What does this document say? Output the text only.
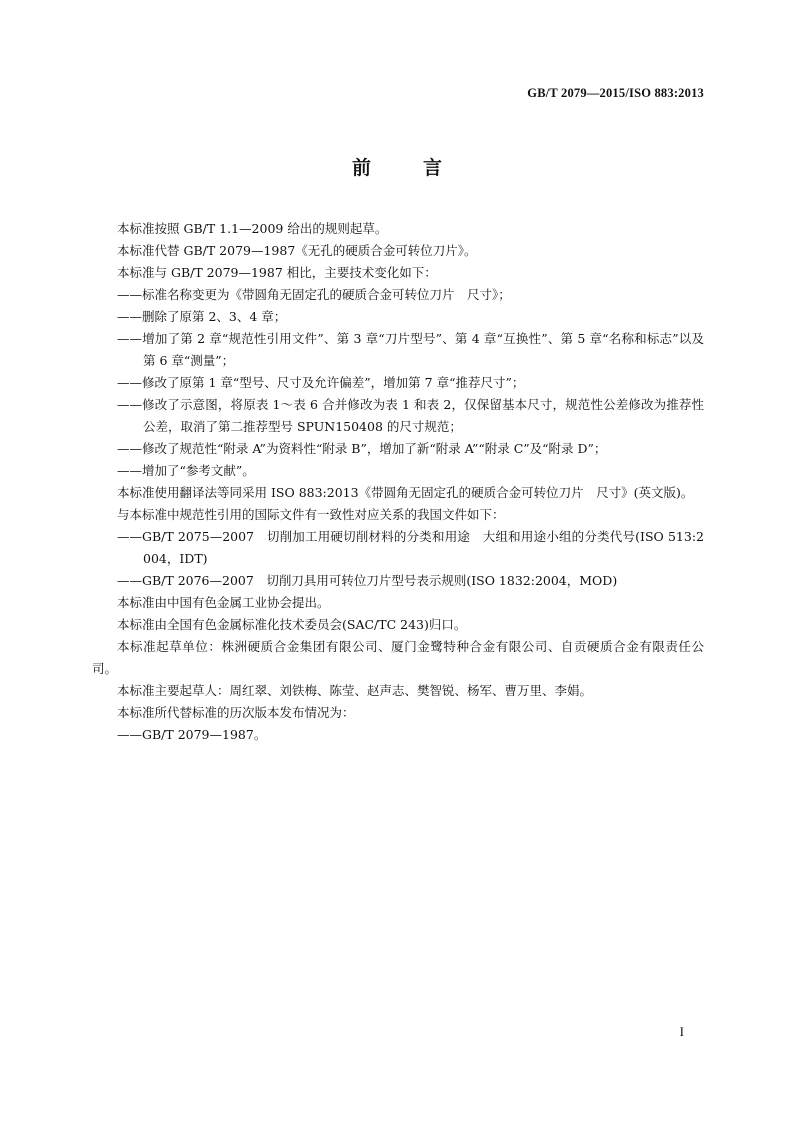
GB/T 2079—2015/ISO 883:2013
前	言
本标准按照 GB/T 1.1—2009 给出的规则起草。
本标准代替 GB/T 2079—1987《无孔的硬质合金可转位刀片》。
本标准与 GB/T 2079—1987 相比，主要技术变化如下：
——标准名称变更为《带圆角无固定孔的硬质合金可转位刀片　尺寸》；
——删除了原第 2、3、4 章；
——增加了第 2 章“规范性引用文件”、第 3 章“刀片型号”、第 4 章“互换性”、第 5 章“名称和标志”以及第 6 章“测量”；
——修改了原第 1 章“型号、尺寸及允许偏差”，增加第 7 章“推荐尺寸”；
——修改了示意图，将原表 1～表 6 合并修改为表 1 和表 2，仅保留基本尺寸，规范性公差修改为推荐性公差，取消了第二推荐型号 SPUN150408 的尺寸规范；
——修改了规范性“附录 A”为资料性“附录 B”，增加了新“附录 A”“附录 C”及“附录 D”；
——增加了“参考文献”。
本标准使用翻译法等同采用 ISO 883:2013《带圆角无固定孔的硬质合金可转位刀片　尺寸》(英文版)。
与本标准中规范性引用的国际文件有一致性对应关系的我国文件如下：
——GB/T 2075—2007　切削加工用硬切削材料的分类和用途　大组和用途小组的分类代号(ISO 513:2004，IDT)
——GB/T 2076—2007　切削刀具用可转位刀片型号表示规则(ISO 1832:2004，MOD)
本标准由中国有色金属工业协会提出。
本标准由全国有色金属标准化技术委员会(SAC/TC 243)归口。
本标准起草单位：株洲硬质合金集团有限公司、厦门金鹭特种合金有限公司、自贡硬质合金有限责任公司。
本标准主要起草人：周红翠、刘铁梅、陈莹、赵声志、樊智锐、杨军、曹万里、李娟。
本标准所代替标准的历次版本发布情况为：
——GB/T 2079—1987。
I
